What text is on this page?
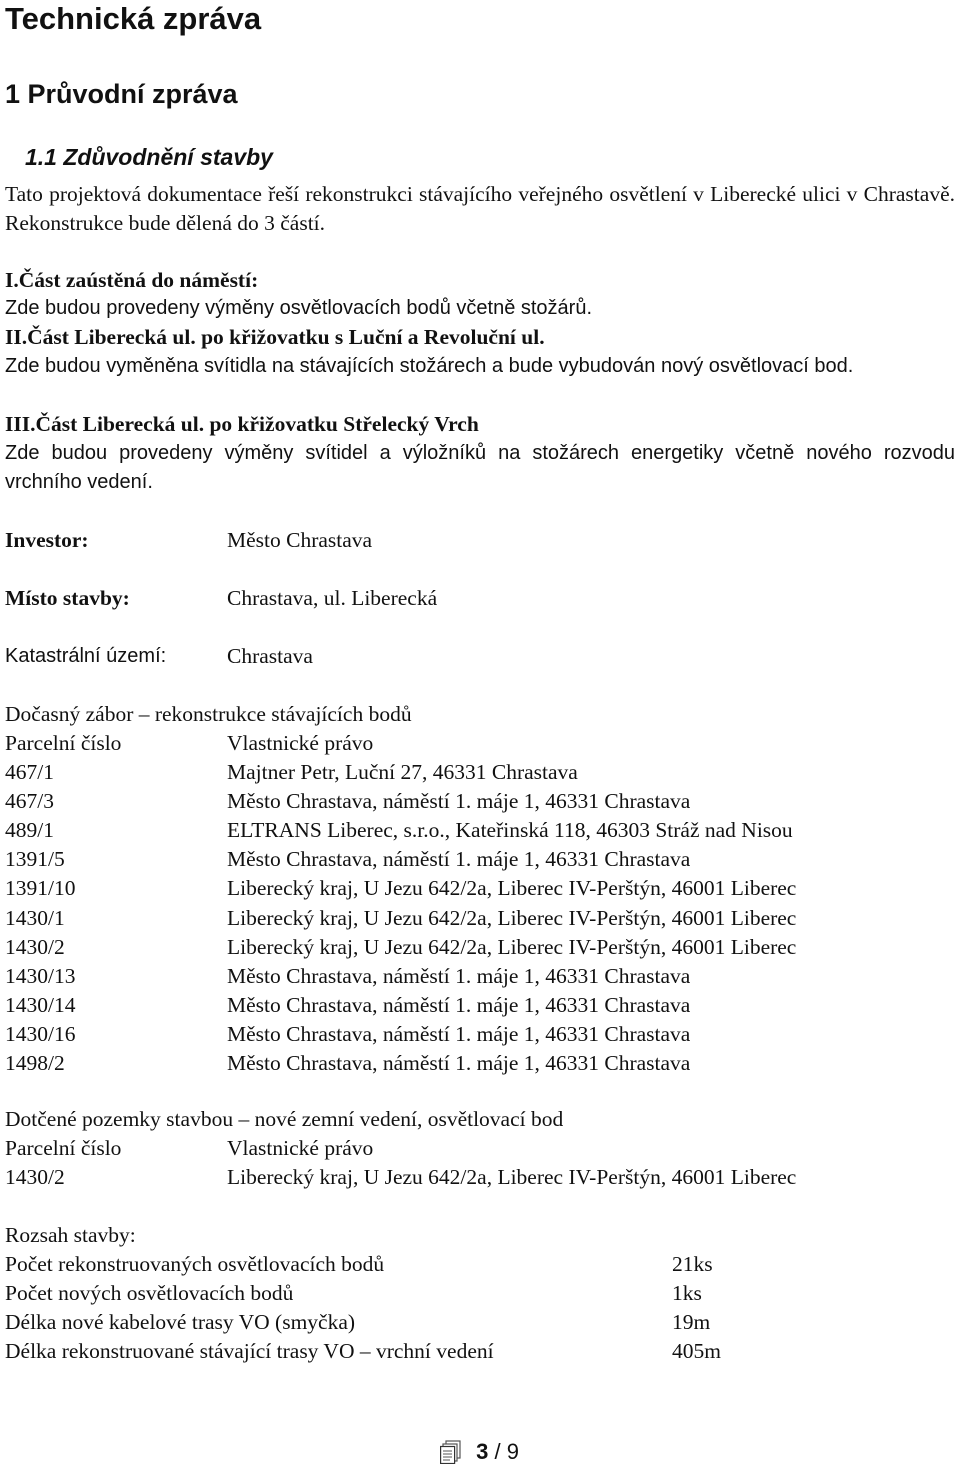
Technická zpráva
1 Průvodní zpráva
1.1 Zdůvodnění stavby
Tato projektová dokumentace řeší rekonstrukci stávajícího veřejného osvětlení v Liberecké ulici v Chrastavě. Rekonstrukce bude dělená do 3 částí.
I.Část zaústěná do náměstí:
Zde budou provedeny výměny osvětlovacích bodů včetně stožárů.
II.Část Liberecká ul. po křižovatku s Luční a Revoluční ul.
Zde budou vyměněna svítidla na stávajících stožárech a bude vybudován nový osvětlovací bod.
III.Část Liberecká ul. po křižovatku Střelecký Vrch
Zde budou provedeny výměny svítidel a výložníků na stožárech energetiky včetně nového rozvodu vrchního vedení.
Investor:	Město Chrastava
Místo stavby:	Chrastava, ul. Liberecká
Katastrální území:	Chrastava
Dočasný zábor – rekonstrukce stávajících bodů
Parcelní číslo	Vlastnické právo
467/1	Majtner Petr, Luční 27, 46331 Chrastava
467/3	Město Chrastava, náměstí 1. máje 1, 46331 Chrastava
489/1	ELTRANS Liberec, s.r.o., Kateřinská 118, 46303 Stráž nad Nisou
1391/5	Město Chrastava, náměstí 1. máje 1, 46331 Chrastava
1391/10	Liberecký kraj, U Jezu 642/2a, Liberec IV-Perštýn, 46001 Liberec
1430/1	Liberecký kraj, U Jezu 642/2a, Liberec IV-Perštýn, 46001 Liberec
1430/2	Liberecký kraj, U Jezu 642/2a, Liberec IV-Perštýn, 46001 Liberec
1430/13	Město Chrastava, náměstí 1. máje 1, 46331 Chrastava
1430/14	Město Chrastava, náměstí 1. máje 1, 46331 Chrastava
1430/16	Město Chrastava, náměstí 1. máje 1, 46331 Chrastava
1498/2	Město Chrastava, náměstí 1. máje 1, 46331 Chrastava
Dotčené pozemky stavbou – nové zemní vedení, osvětlovací bod
Parcelní číslo	Vlastnické právo
1430/2	Liberecký kraj, U Jezu 642/2a, Liberec IV-Perštýn, 46001 Liberec
Rozsah stavby:
Počet rekonstruovaných osvětlovacích bodů	21ks
Počet nových osvětlovacích bodů	1ks
Délka nové kabelové trasy VO (smyčka)	19m
Délka rekonstruované stávající trasy VO – vrchní vedení	405m
3 / 9
